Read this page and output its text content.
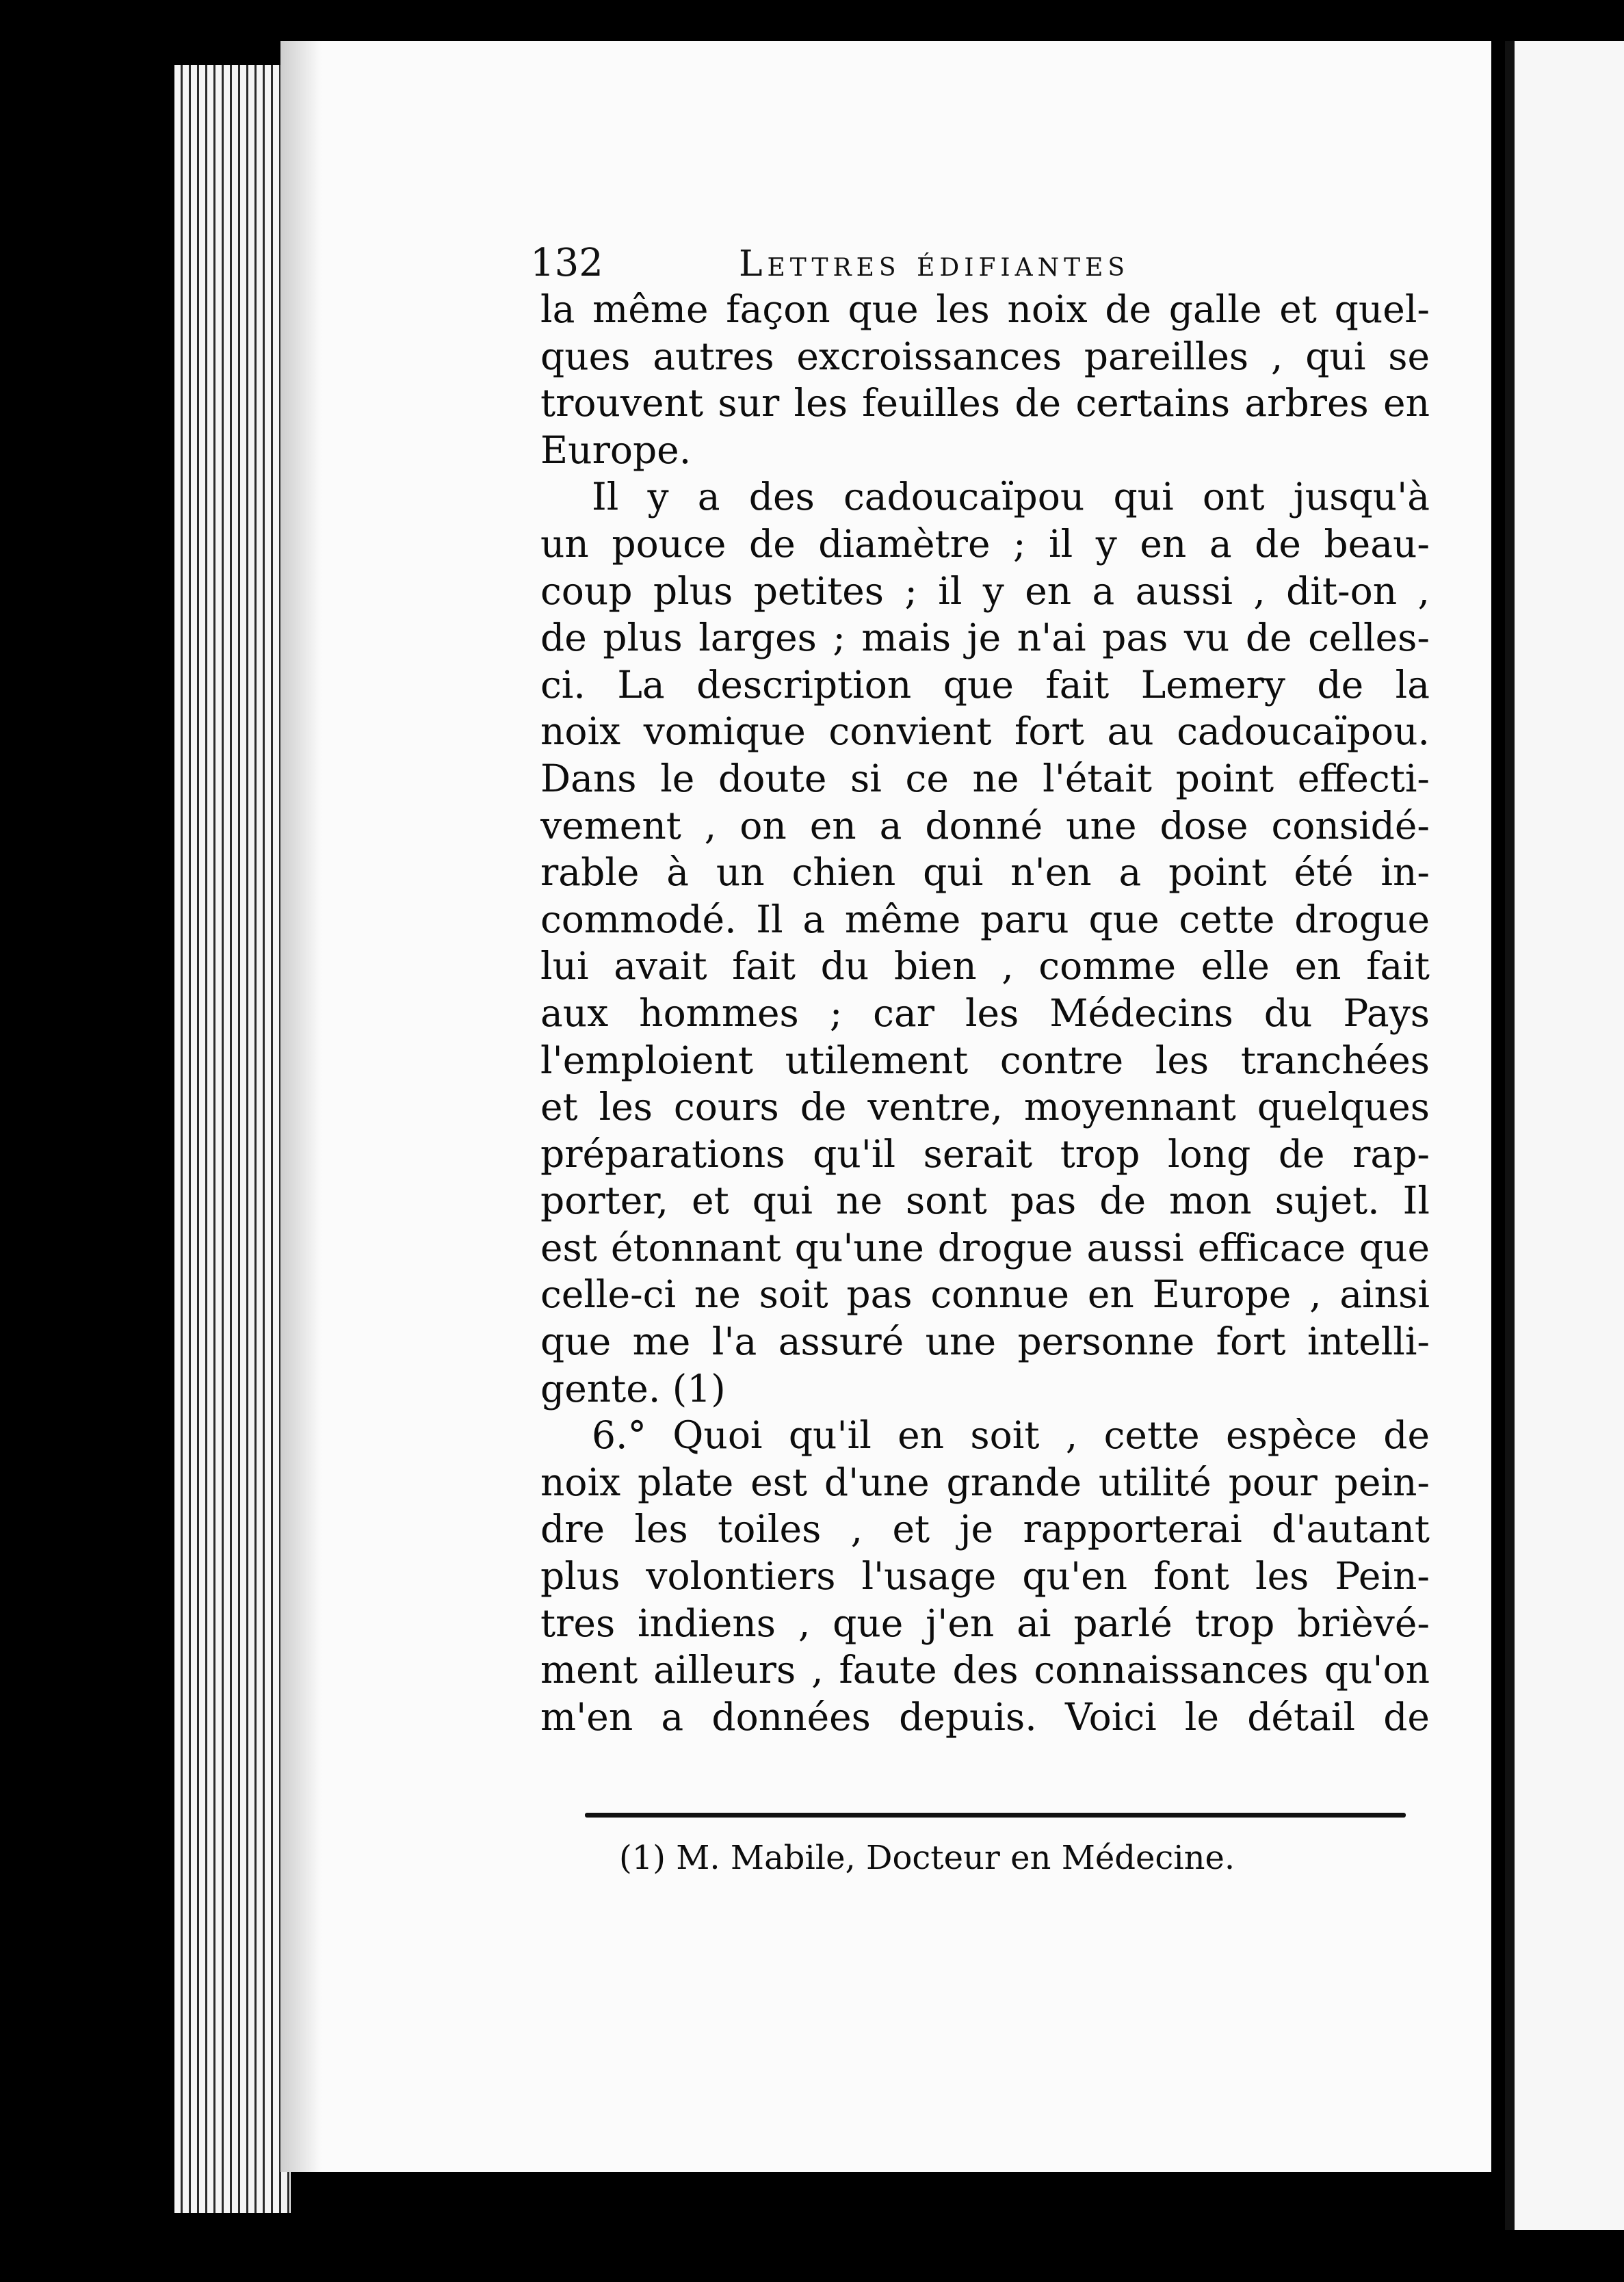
132	Lettres édifiantes
la même façon que les noix de galle et quel-
ques autres excroissances pareilles , qui se
trouvent sur les feuilles de certains arbres en
Europe.
Il y a des cadoucaïpou qui ont jusqu'à
un pouce de diamètre ; il y en a de beau-
coup plus petites ; il y en a aussi , dit-on ,
de plus larges ; mais je n'ai pas vu de celles-
ci. La description que fait Lemery de la
noix vomique convient fort au cadoucaïpou.
Dans le doute si ce ne l'était point effecti-
vement , on en a donné une dose considé-
rable à un chien qui n'en a point été in-
commodé. Il a même paru que cette drogue
lui avait fait du bien , comme elle en fait
aux hommes ; car les Médecins du Pays
l'emploient utilement contre les tranchées
et les cours de ventre, moyennant quelques
préparations qu'il serait trop long de rap-
porter, et qui ne sont pas de mon sujet. Il
est étonnant qu'une drogue aussi efficace que
celle-ci ne soit pas connue en Europe , ainsi
que me l'a assuré une personne fort intelli-
gente. (1)
6.° Quoi qu'il en soit , cette espèce de
noix plate est d'une grande utilité pour pein-
dre les toiles , et je rapporterai d'autant
plus volontiers l'usage qu'en font les Pein-
tres indiens , que j'en ai parlé trop brièvé-
ment ailleurs , faute des connaissances qu'on
m'en a données depuis. Voici le détail de
(1) M. Mabile, Docteur en Médecine.
